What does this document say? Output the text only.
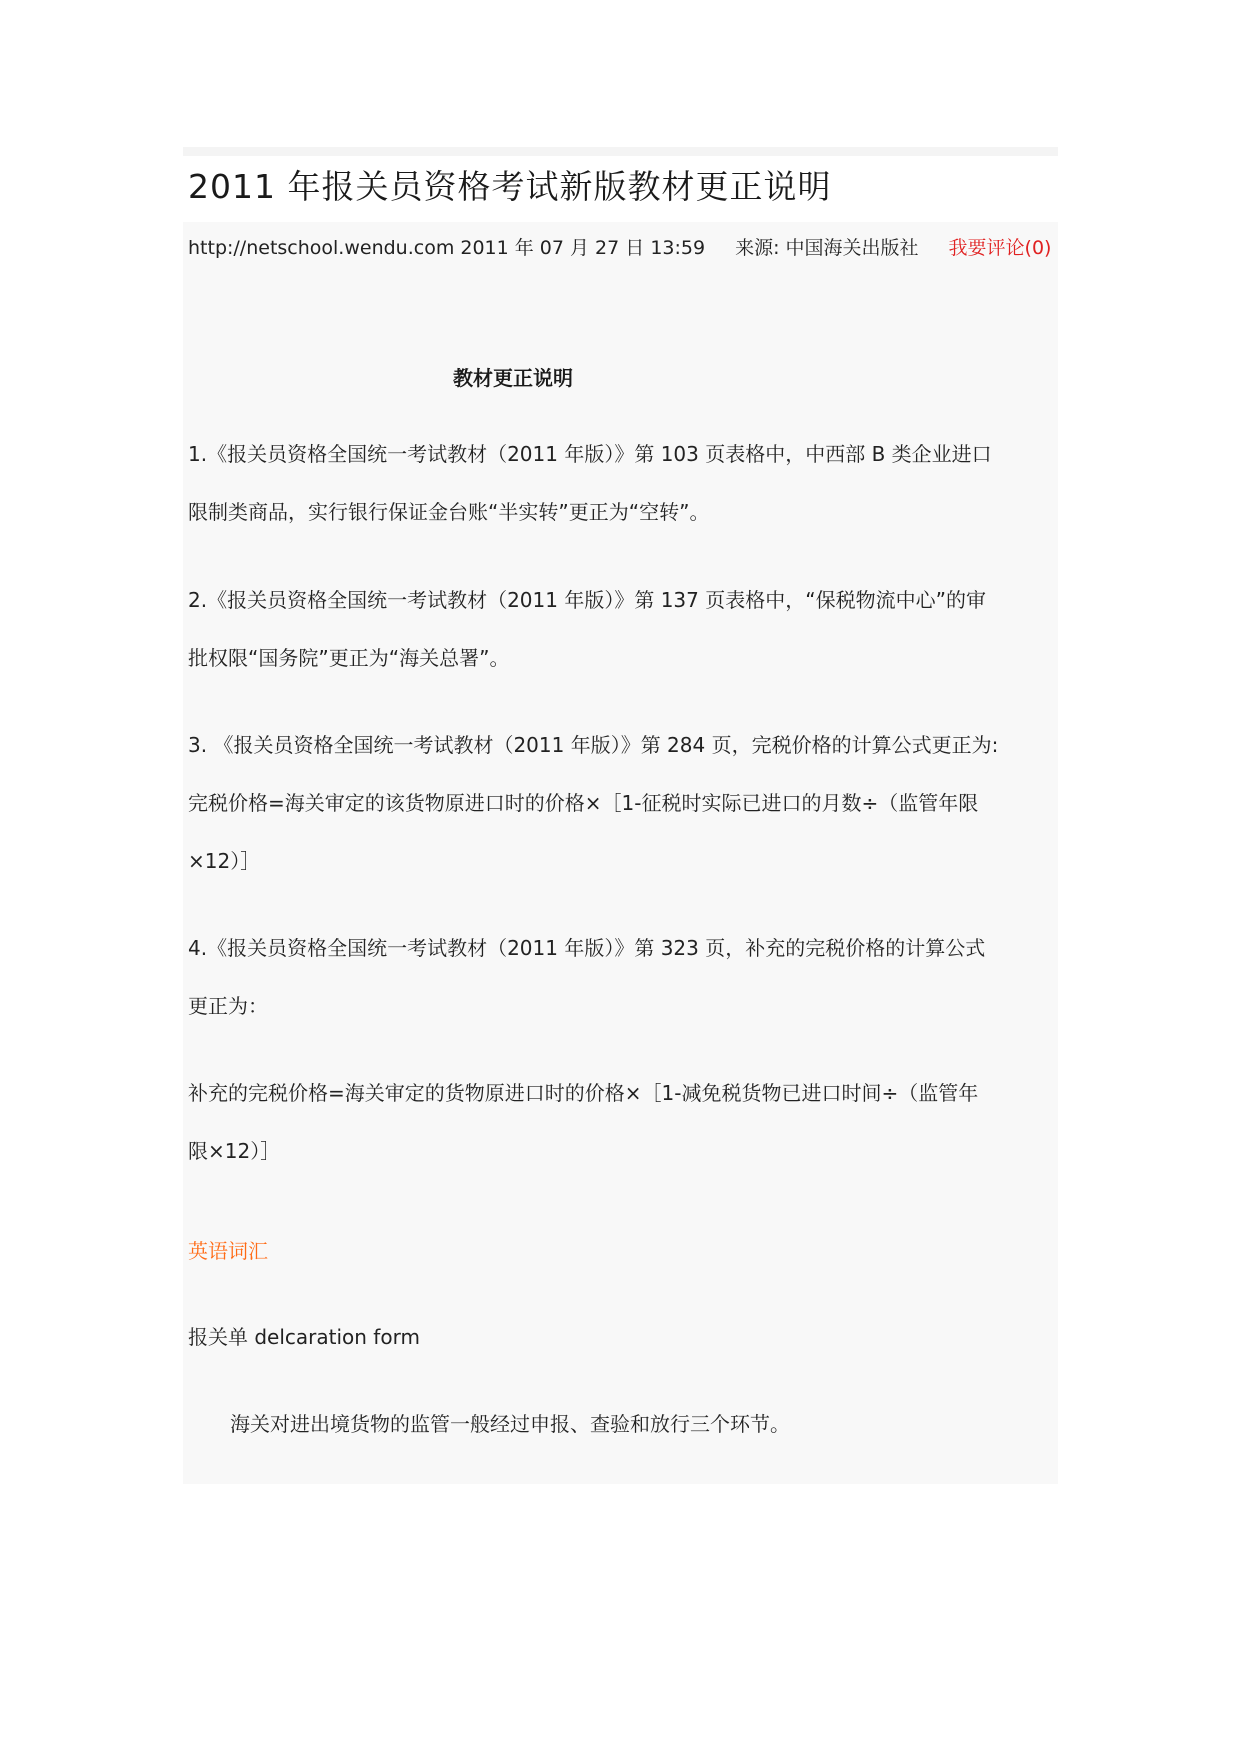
2011 年报关员资格考试新版教材更正说明
http://netschool.wendu.com 2011 年 07 月 27 日 13:59 来源: 中国海关出版社 我要评论(0)
教材更正说明
1.《报关员资格全国统一考试教材（2011 年版）》第 103 页表格中，中西部 B 类企业进口
限制类商品，实行银行保证金台账“半实转”更正为“空转”。
2.《报关员资格全国统一考试教材（2011 年版）》第 137 页表格中，“保税物流中心”的审
批权限“国务院”更正为“海关总署”。
3. 《报关员资格全国统一考试教材（2011 年版）》第 284 页，完税价格的计算公式更正为:
完税价格=海关审定的该货物原进口时的价格×［1-征税时实际已进口的月数÷（监管年限
×12）］
4.《报关员资格全国统一考试教材（2011 年版）》第 323 页，补充的完税价格的计算公式
更正为：
补充的完税价格=海关审定的货物原进口时的价格×［1-减免税货物已进口时间÷（监管年
限×12）］
英语词汇
报关单 delcaration form
海关对进出境货物的监管一般经过申报、查验和放行三个环节。
